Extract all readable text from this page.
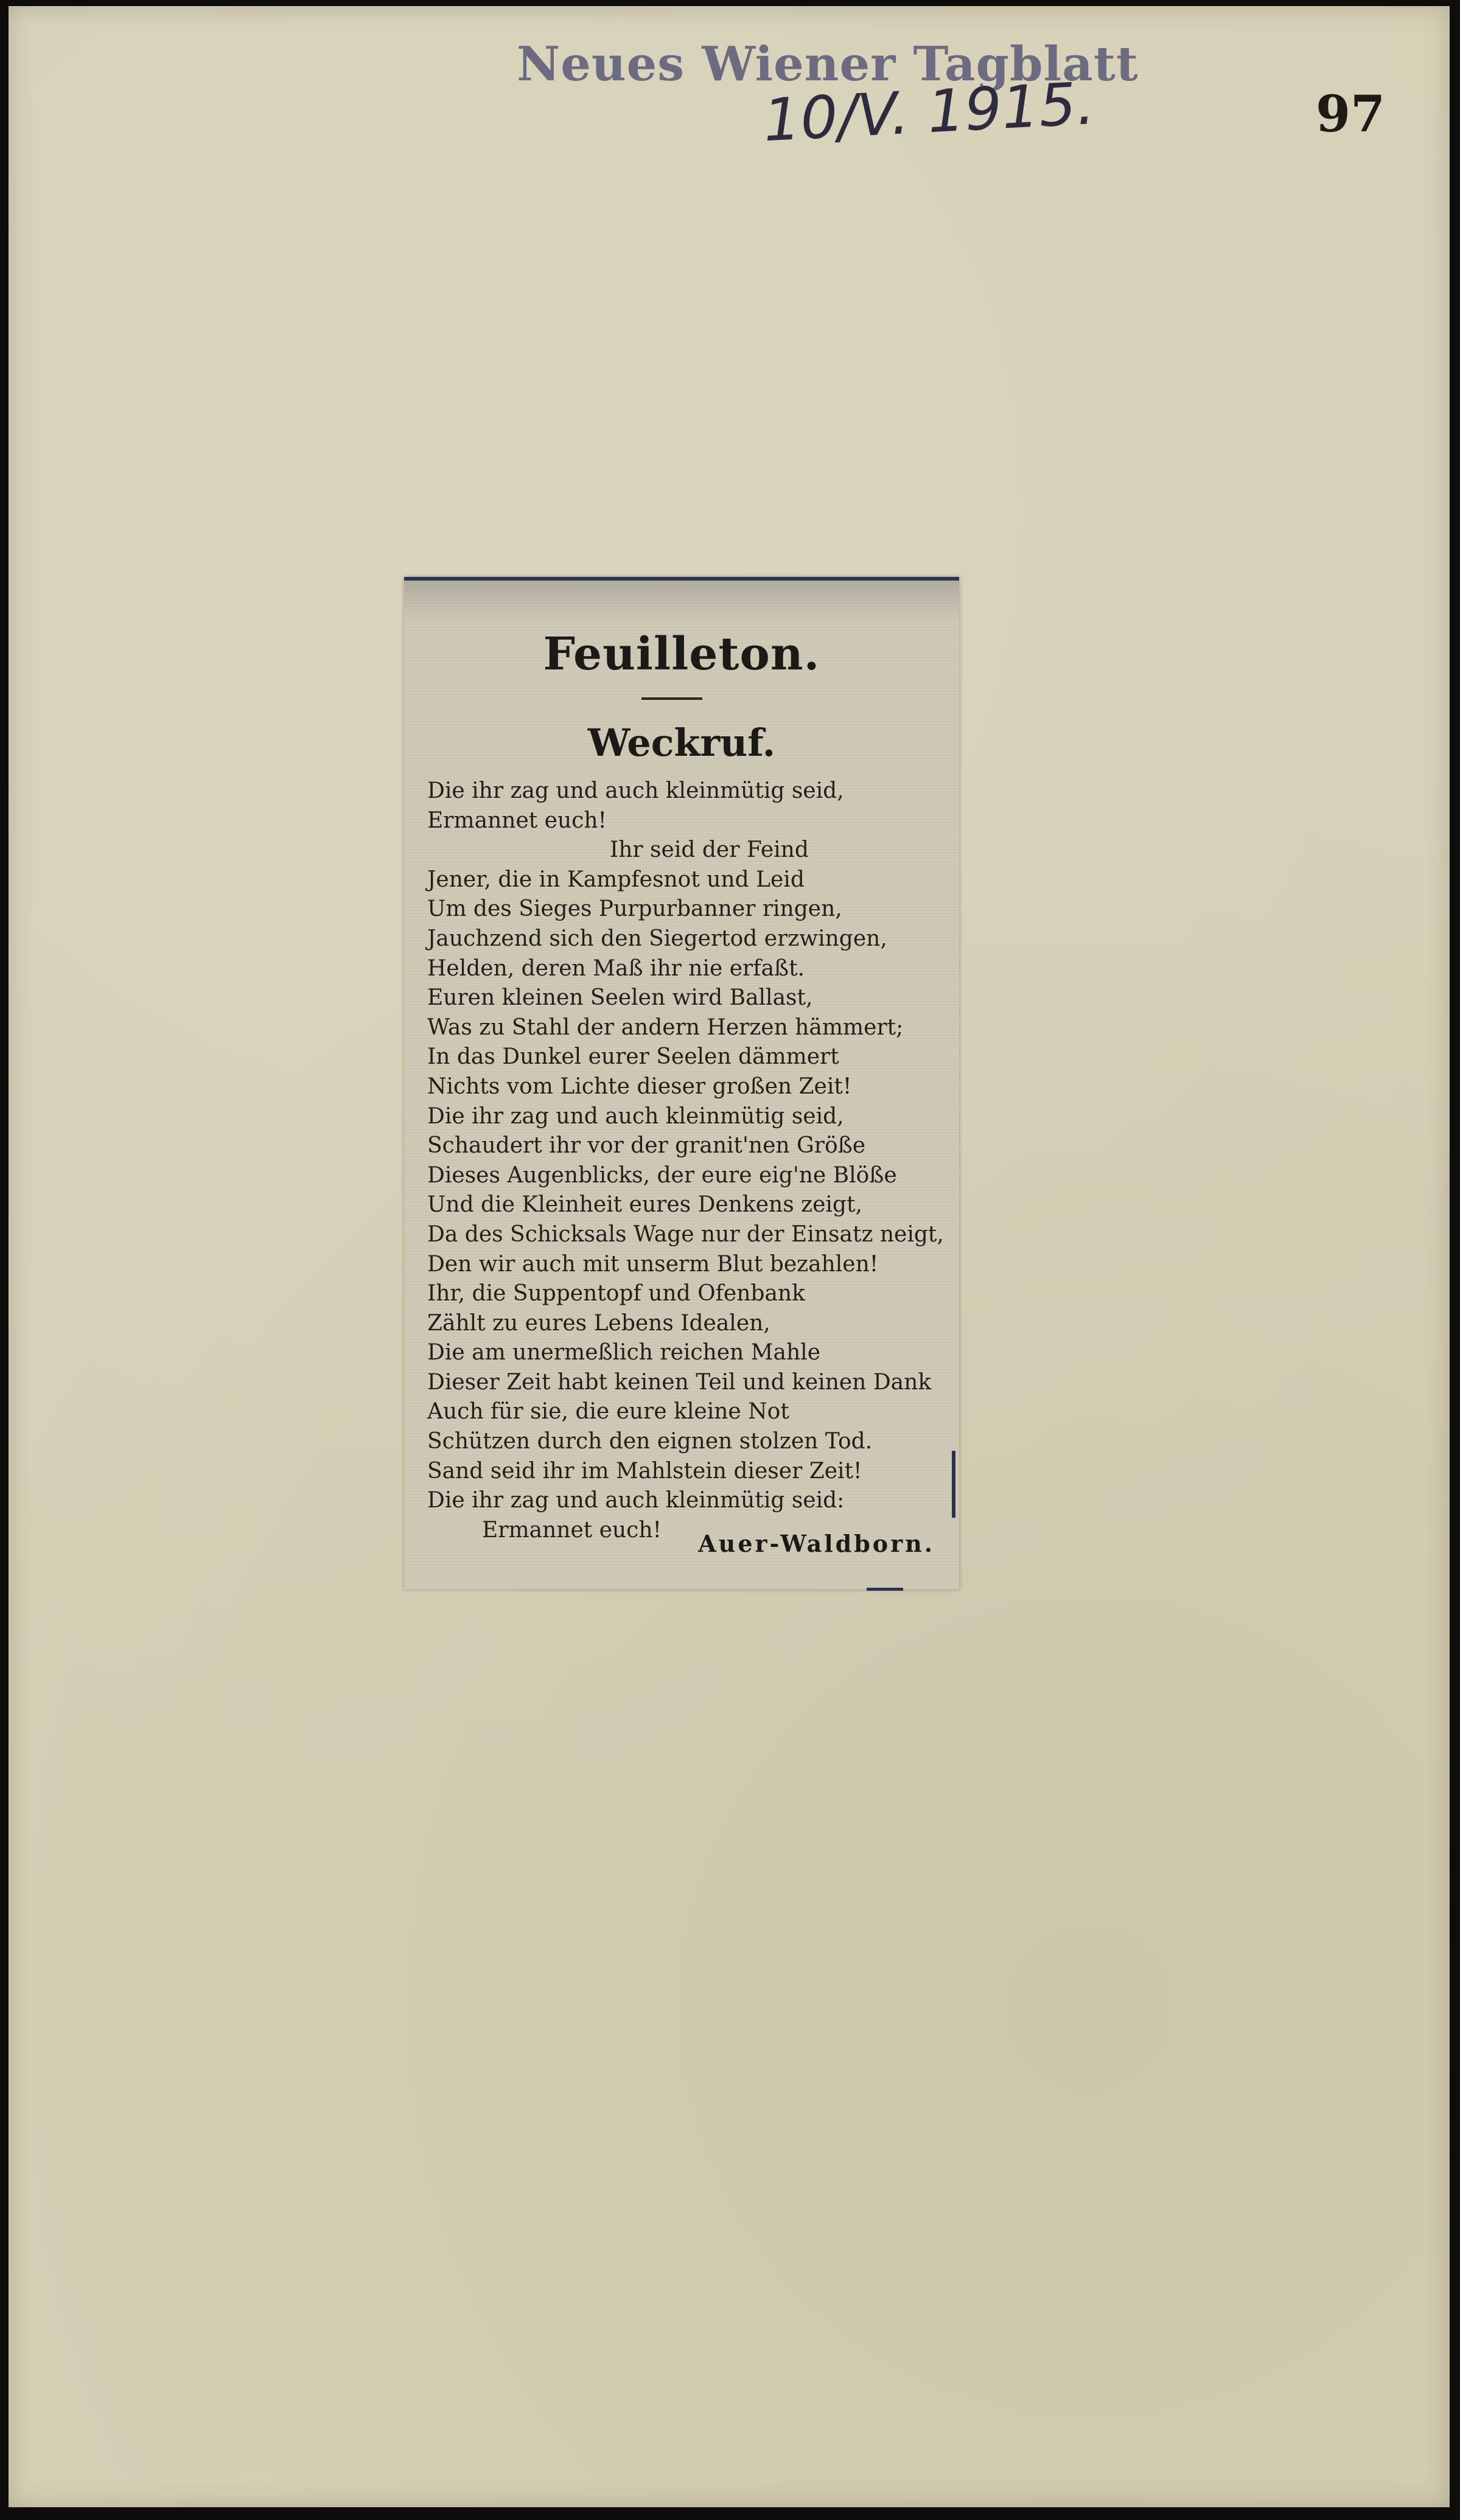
Neues Wiener Tagblatt
10/V. 1915.	97
Feuilleton.
Weckruf.
Die ihr zag und auch kleinmütig seid,
Ermannet euch!
Ihr seid der Feind
Jener, die in Kampfesnot und Leid
Um des Sieges Purpurbanner ringen,
Jauchzend sich den Siegertod erzwingen,
Helden, deren Maß ihr nie erfaßt.
Euren kleinen Seelen wird Ballast,
Was zu Stahl der andern Herzen hämmert;
In das Dunkel eurer Seelen dämmert
Nichts vom Lichte dieser großen Zeit!
Die ihr zag und auch kleinmütig seid,
Schaudert ihr vor der granit'nen Größe
Dieses Augenblicks, der eure eig'ne Blöße
Und die Kleinheit eures Denkens zeigt,
Da des Schicksals Wage nur der Einsatz neigt,
Den wir auch mit unserm Blut bezahlen!
Ihr, die Suppentopf und Ofenbank
Zählt zu eures Lebens Idealen,
Die am unermeßlich reichen Mahle
Dieser Zeit habt keinen Teil und keinen Dank
Auch für sie, die eure kleine Not
Schützen durch den eignen stolzen Tod.
Sand seid ihr im Mahlstein dieser Zeit!
Die ihr zag und auch kleinmütig seid:
Ermannet euch!	Auer-Waldborn.
